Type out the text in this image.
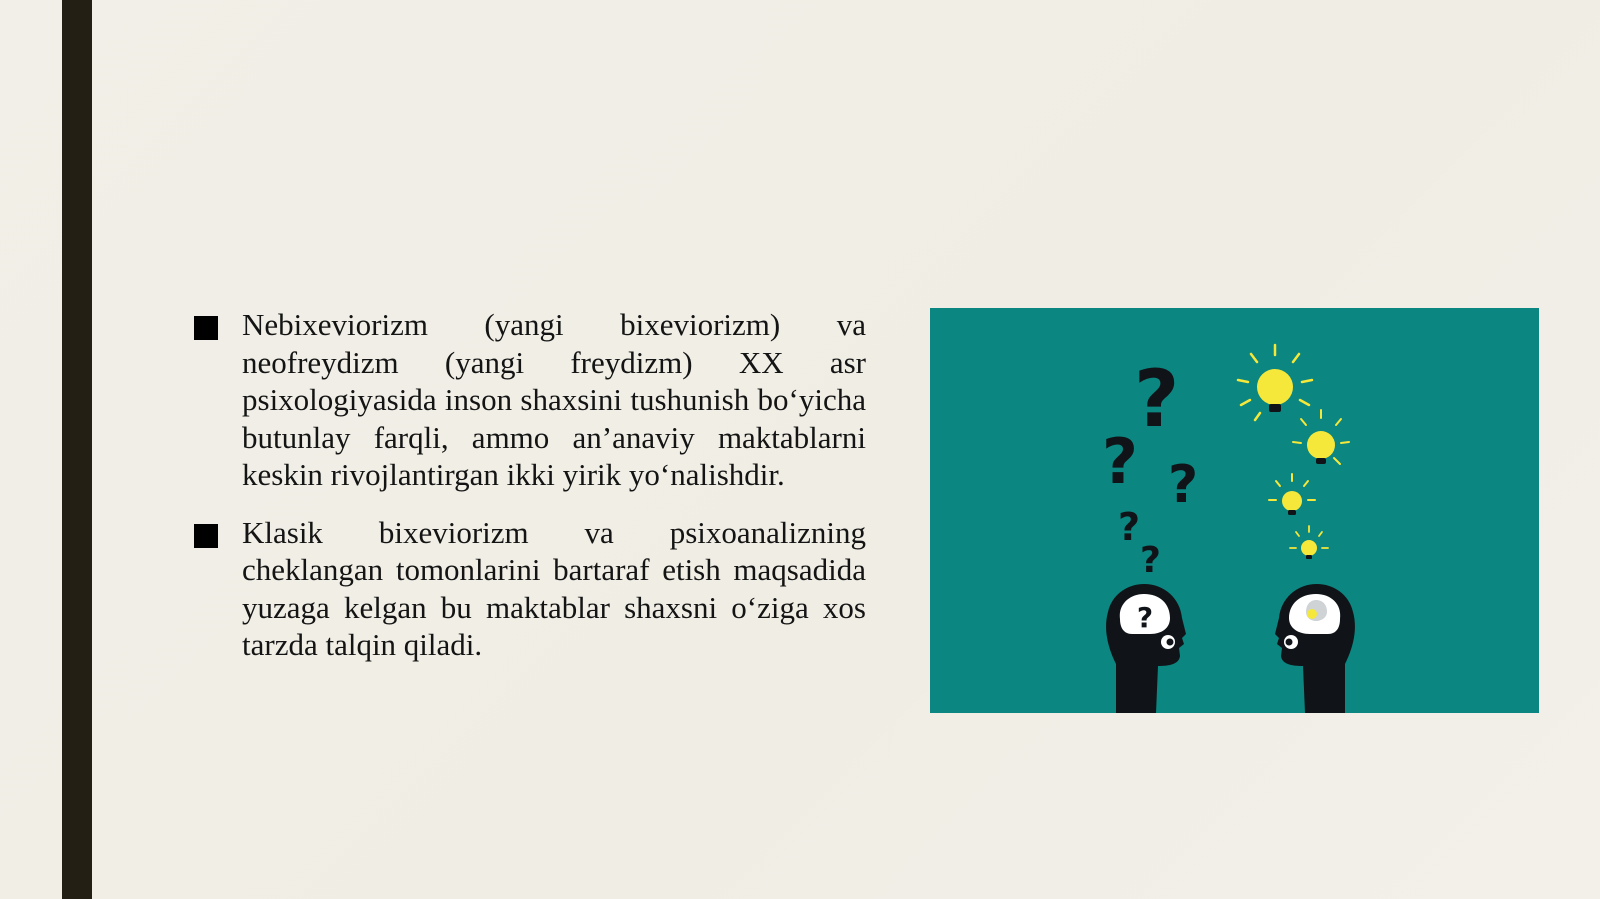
Nebixeviorizm (yangi bixeviorizm) va neofreydizm (yangi freydizm) XX asr psixologiyasida inson shaxsini tushunish bo‘yicha butunlay farqli, ammo an’anaviy maktablarni keskin rivojlantirgan ikki yirik yo‘nalishdir.
Klasik bixeviorizm va psixoanalizning cheklangan tomonlarini bartaraf etish maqsadida yuzaga kelgan bu maktablar shaxsni o‘ziga xos tarzda talqin qiladi.
?
? ?
?
?
?
